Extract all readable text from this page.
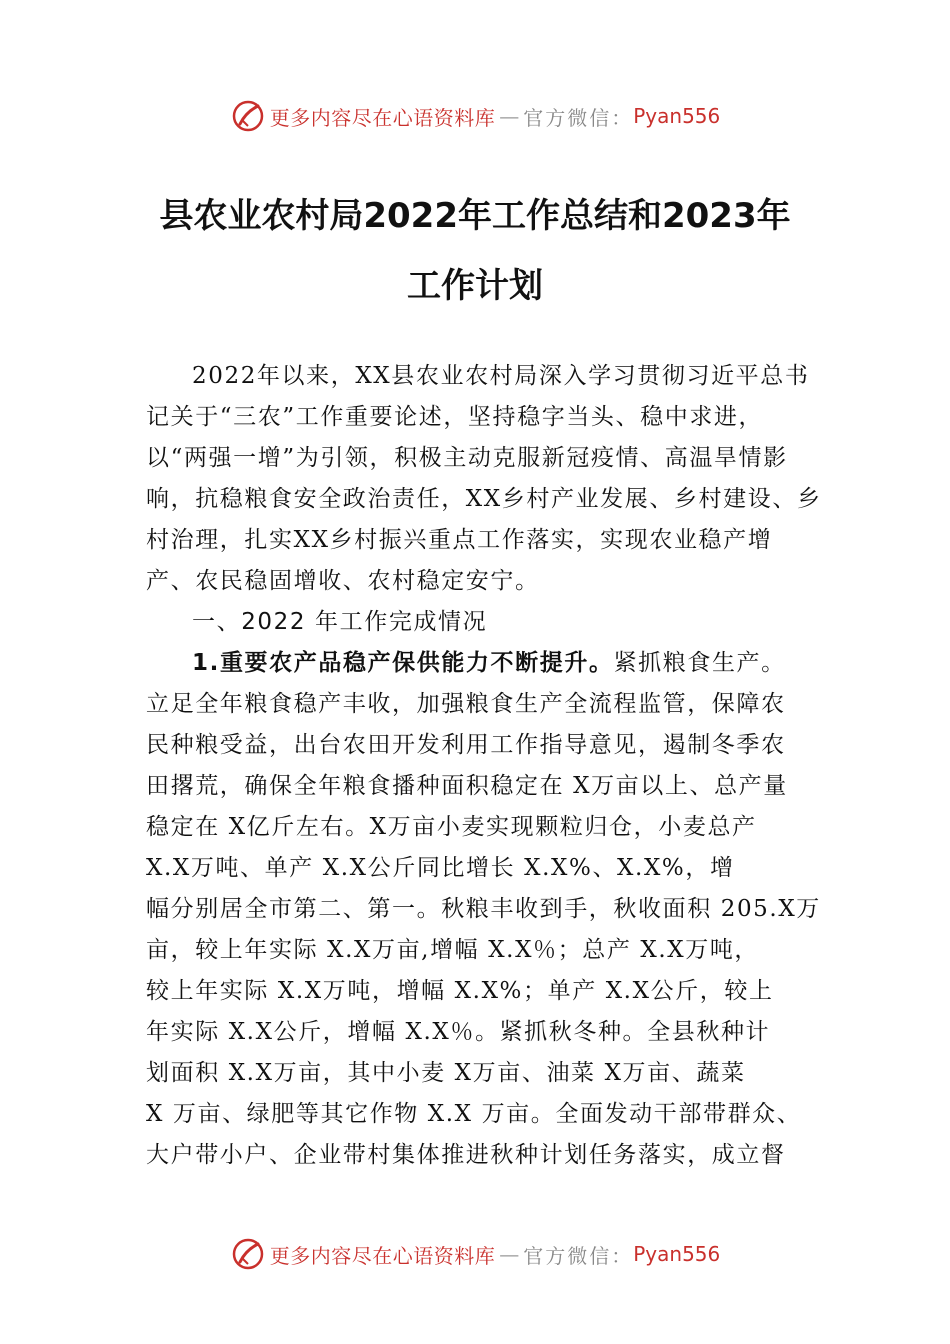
更多内容尽在心语资料库 — 官方微信： Pyan556
县农业农村局2022年工作总结和2023年
工作计划
2022年以来，XX县农业农村局深入学习贯彻习近平总书
记关于“三农”工作重要论述，坚持稳字当头、稳中求进，
以“两强一增”为引领，积极主动克服新冠疫情、高温旱情影
响，抗稳粮食安全政治责任，XX乡村产业发展、乡村建设、乡
村治理，扎实XX乡村振兴重点工作落实，实现农业稳产增
产、农民稳固增收、农村稳定安宁。
一、2022 年工作完成情况
1.重要农产品稳产保供能力不断提升。紧抓粮食生产。
立足全年粮食稳产丰收，加强粮食生产全流程监管，保障农
民种粮受益，出台农田开发利用工作指导意见，遏制冬季农
田撂荒，确保全年粮食播种面积稳定在 X万亩以上、总产量
稳定在 X亿斤左右。X万亩小麦实现颗粒归仓，小麦总产
X.X万吨、单产 X.X公斤同比增长 X.X%、X.X%，增
幅分别居全市第二、第一。秋粮丰收到手，秋收面积 205.X万
亩，较上年实际 X.X万亩,增幅 X.X％；总产 X.X万吨，
较上年实际 X.X万吨，增幅 X.X%；单产 X.X公斤，较上
年实际 X.X公斤，增幅 X.X％。紧抓秋冬种。全县秋种计
划面积 X.X万亩，其中小麦 X万亩、油菜 X万亩、蔬菜
X 万亩、绿肥等其它作物 X.X 万亩。全面发动干部带群众、
大户带小户、企业带村集体推进秋种计划任务落实，成立督
更多内容尽在心语资料库 — 官方微信： Pyan556
